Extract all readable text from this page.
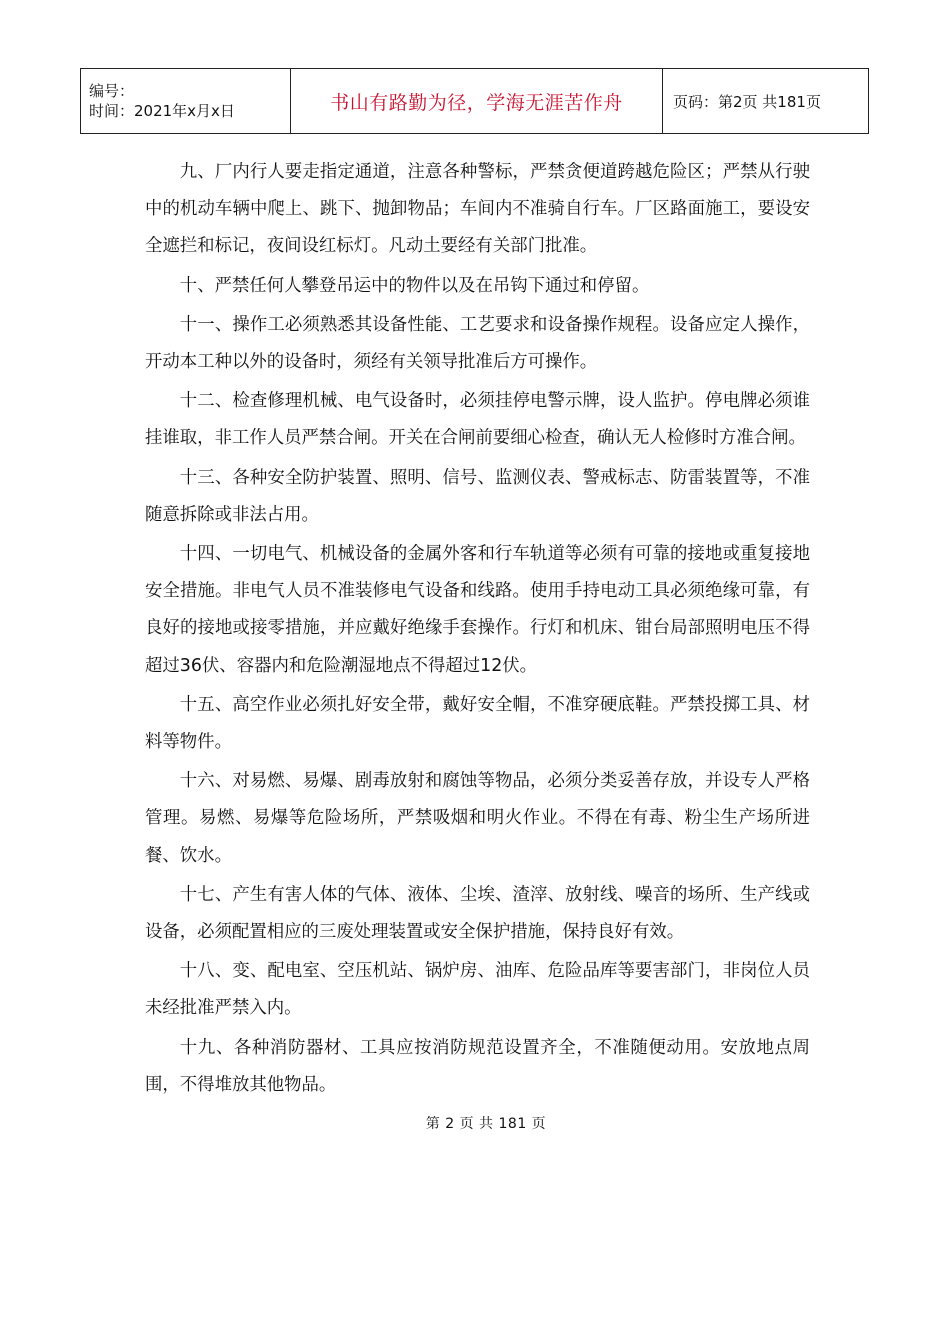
编号：
时间：2021年x月x日	书山有路勤为径，学海无涯苦作舟	页码：第2页 共181页

九、厂内行人要走指定通道，注意各种警标，严禁贪便道跨越危险区；严禁从行驶中的机动车辆中爬上、跳下、抛卸物品；车间内不准骑自行车。厂区路面施工，要设安全遮拦和标记，夜间设红标灯。凡动土要经有关部门批准。

十、严禁任何人攀登吊运中的物件以及在吊钩下通过和停留。

十一、操作工必须熟悉其设备性能、工艺要求和设备操作规程。设备应定人操作，开动本工种以外的设备时，须经有关领导批准后方可操作。

十二、检查修理机械、电气设备时，必须挂停电警示牌，设人监护。停电牌必须谁挂谁取，非工作人员严禁合闸。开关在合闸前要细心检查，确认无人检修时方准合闸。

十三、各种安全防护装置、照明、信号、监测仪表、警戒标志、防雷装置等，不准随意拆除或非法占用。

十四、一切电气、机械设备的金属外客和行车轨道等必须有可靠的接地或重复接地安全措施。非电气人员不准装修电气设备和线路。使用手持电动工具必须绝缘可靠，有良好的接地或接零措施，并应戴好绝缘手套操作。行灯和机床、钳台局部照明电压不得超过36伏、容器内和危险潮湿地点不得超过12伏。

十五、高空作业必须扎好安全带，戴好安全帽，不准穿硬底鞋。严禁投掷工具、材料等物件。

十六、对易燃、易爆、剧毒放射和腐蚀等物品，必须分类妥善存放，并设专人严格管理。易燃、易爆等危险场所，严禁吸烟和明火作业。不得在有毒、粉尘生产场所进餐、饮水。

十七、产生有害人体的气体、液体、尘埃、渣滓、放射线、噪音的场所、生产线或设备，必须配置相应的三废处理装置或安全保护措施，保持良好有效。

十八、变、配电室、空压机站、锅炉房、油库、危险品库等要害部门，非岗位人员未经批准严禁入内。

十九、各种消防器材、工具应按消防规范设置齐全，不准随便动用。安放地点周围，不得堆放其他物品。

第 2 页 共 181 页
